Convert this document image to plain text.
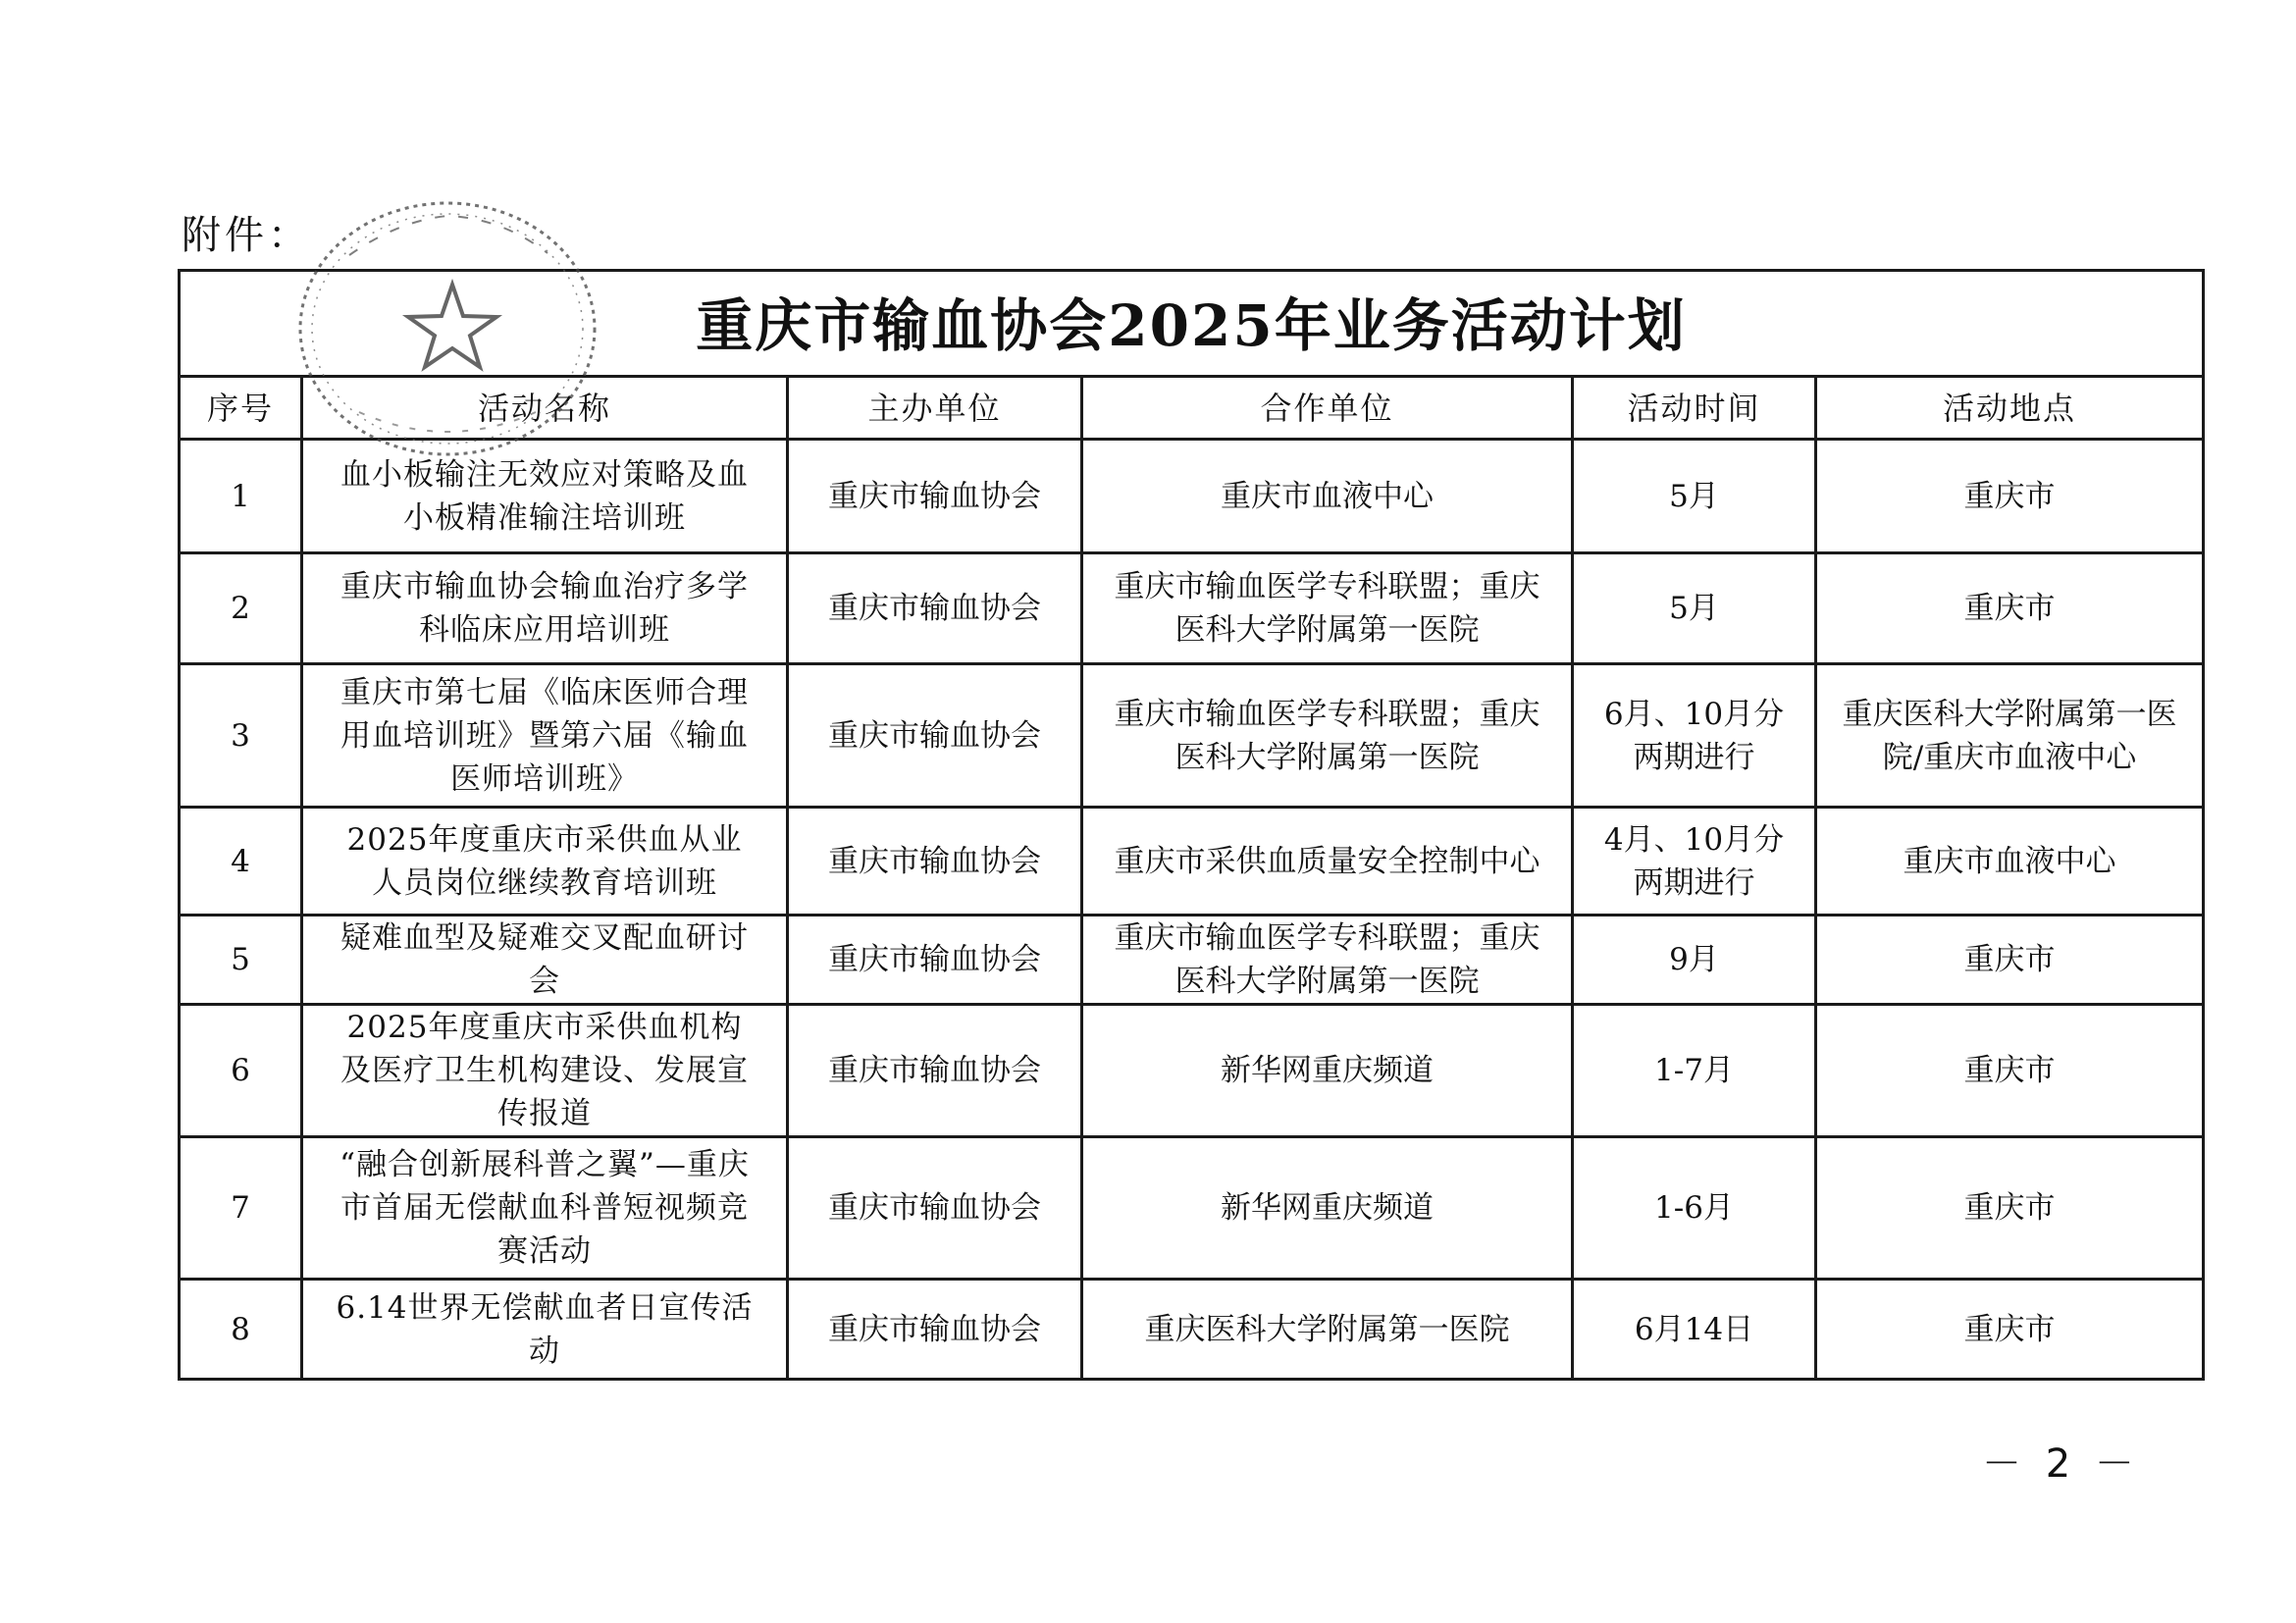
附件：
重庆市输血协会2025年业务活动计划					
序号	活动名称	主办单位	合作单位	活动时间	活动地点
1	血小板输注无效应对策略及血小板精准输注培训班	重庆市输血协会	重庆市血液中心	5月	重庆市
2	重庆市输血协会输血治疗多学科临床应用培训班	重庆市输血协会	重庆市输血医学专科联盟；重庆医科大学附属第一医院	5月	重庆市
3	重庆市第七届《临床医师合理用血培训班》暨第六届《输血医师培训班》	重庆市输血协会	重庆市输血医学专科联盟；重庆医科大学附属第一医院	6月、10月分两期进行	重庆医科大学附属第一医院/重庆市血液中心
4	2025年度重庆市采供血从业人员岗位继续教育培训班	重庆市输血协会	重庆市采供血质量安全控制中心	4月、10月分两期进行	重庆市血液中心
5	疑难血型及疑难交叉配血研讨会	重庆市输血协会	重庆市输血医学专科联盟；重庆医科大学附属第一医院	9月	重庆市
6	2025年度重庆市采供血机构及医疗卫生机构建设、发展宣传报道	重庆市输血协会	新华网重庆频道	1-7月	重庆市
7	“融合创新展科普之翼”—重庆市首届无偿献血科普短视频竞赛活动	重庆市输血协会	新华网重庆频道	1-6月	重庆市
8	6.14世界无偿献血者日宣传活动	重庆市输血协会	重庆医科大学附属第一医院	6月14日	重庆市
－ 2 －
